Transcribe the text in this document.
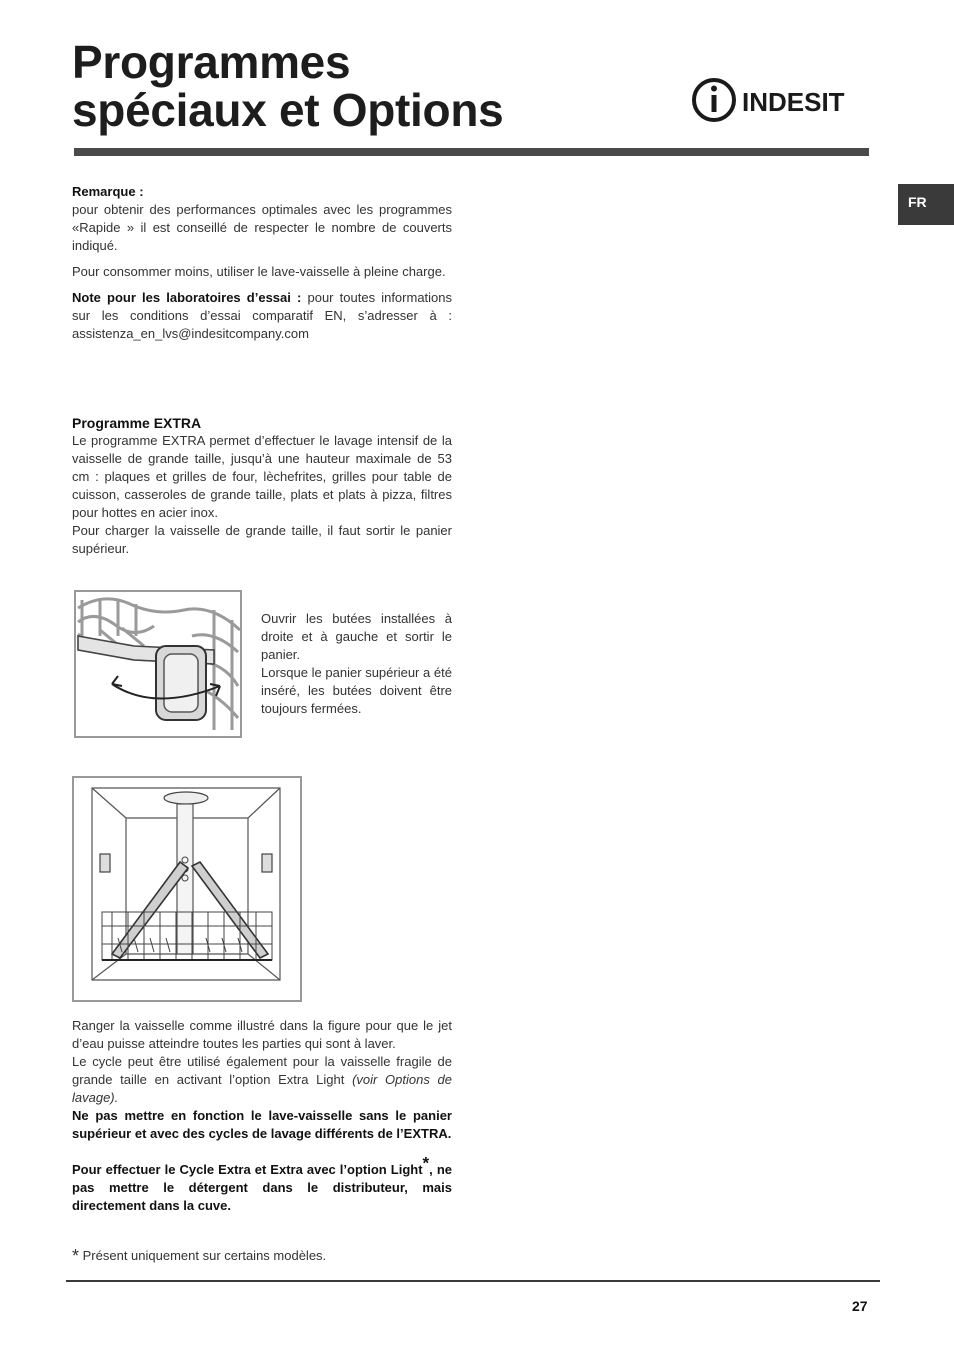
Programmes
spéciaux et Options	INDESIT
FR

Remarque :

pour obtenir des performances optimales avec les programmes «Rapide » il est conseillé de respecter le nombre de couverts indiqué.

Pour consommer moins, utiliser le lave-vaisselle à pleine charge.

Note pour les laboratoires d’essai : pour toutes informations sur les conditions d’essai comparatif EN, s’adresser à : assistenza_en_lvs@indesitcompany.com

Programme EXTRA

Le programme EXTRA permet d’effectuer le lavage intensif de la vaisselle de grande taille, jusqu’à une hauteur maximale de 53 cm : plaques et grilles de four, lèchefrites, grilles pour table de cuisson, casseroles de grande taille, plats et plats à pizza, filtres pour hottes en acier inox.

Pour charger la vaisselle de grande taille, il faut sortir le panier supérieur.

Ouvrir les butées installées à droite et à gauche et sortir le panier.
Lorsque le panier supérieur a été inséré, les butées doivent être toujours fermées.

Ranger la vaisselle comme illustré dans la figure pour que le jet d’eau puisse atteindre toutes les parties qui sont à laver.

Le cycle peut être utilisé également pour la vaisselle fragile de grande taille en activant l’option Extra Light (voir Options de lavage).

Ne pas mettre en fonction le lave-vaisselle sans le panier supérieur et avec des cycles de lavage différents de l’EXTRA.

Pour effectuer le Cycle Extra et Extra avec l’option Light*, ne pas mettre le détergent dans le distributeur, mais directement dans la cuve.

* Présent uniquement sur certains modèles.
27
